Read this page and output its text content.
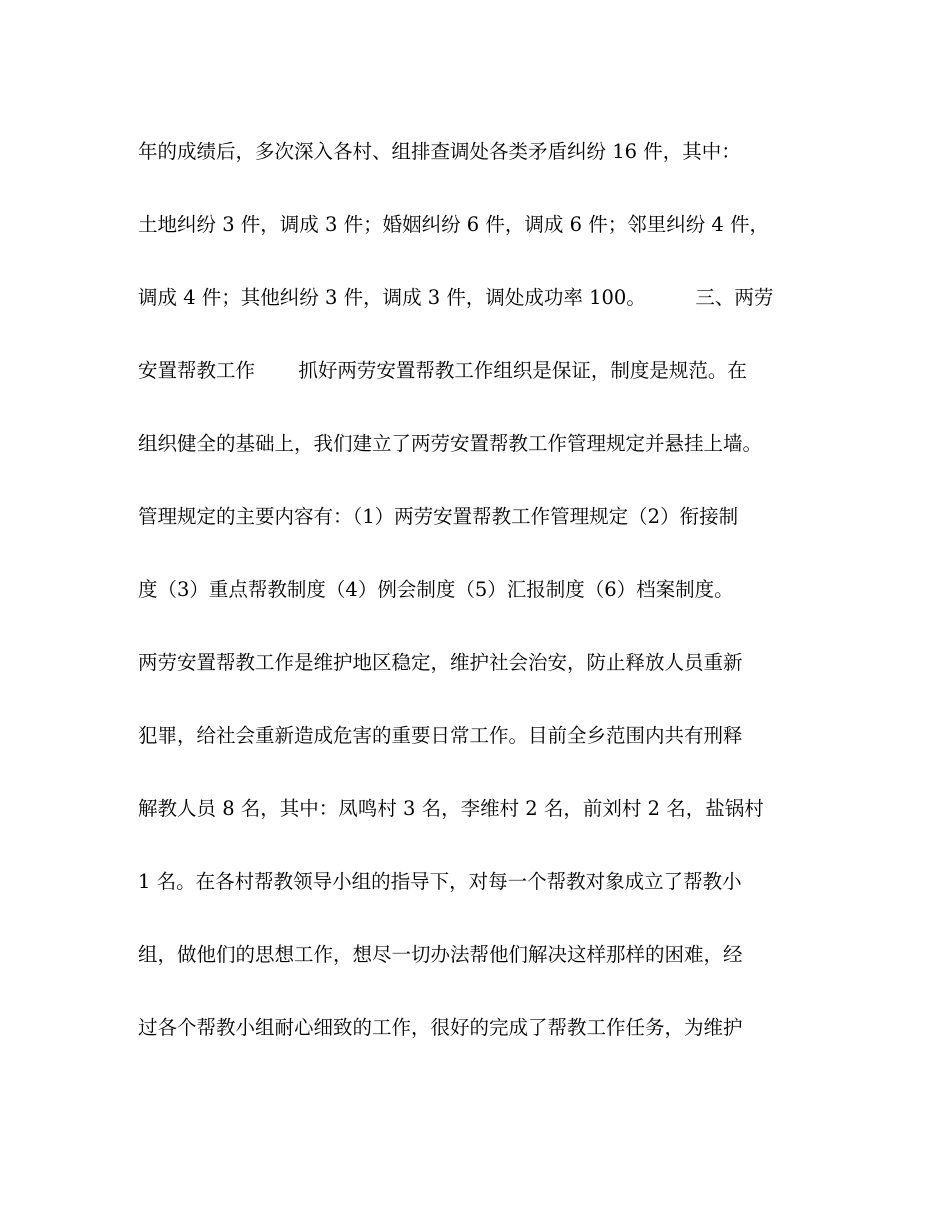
年的成绩后，多次深入各村、组排查调处各类矛盾纠纷 16 件，其中：
土地纠纷 3 件，调成 3 件；婚姻纠纷 6 件，调成 6 件；邻里纠纷 4 件，
调成 4 件；其他纠纷 3 件，调成 3 件，调处成功率 100。        三、两劳
安置帮教工作       抓好两劳安置帮教工作组织是保证，制度是规范。在
组织健全的基础上，我们建立了两劳安置帮教工作管理规定并悬挂上墙。
管理规定的主要内容有：（1）两劳安置帮教工作管理规定（2）衔接制
度（3）重点帮教制度（4）例会制度（5）汇报制度（6）档案制度。
两劳安置帮教工作是维护地区稳定，维护社会治安，防止释放人员重新
犯罪，给社会重新造成危害的重要日常工作。目前全乡范围内共有刑释
解教人员 8 名，其中：凤鸣村 3 名，李维村 2 名，前刘村 2 名，盐锅村
1 名。在各村帮教领导小组的指导下，对每一个帮教对象成立了帮教小
组，做他们的思想工作，想尽一切办法帮他们解决这样那样的困难，经
过各个帮教小组耐心细致的工作，很好的完成了帮教工作任务，为维护
